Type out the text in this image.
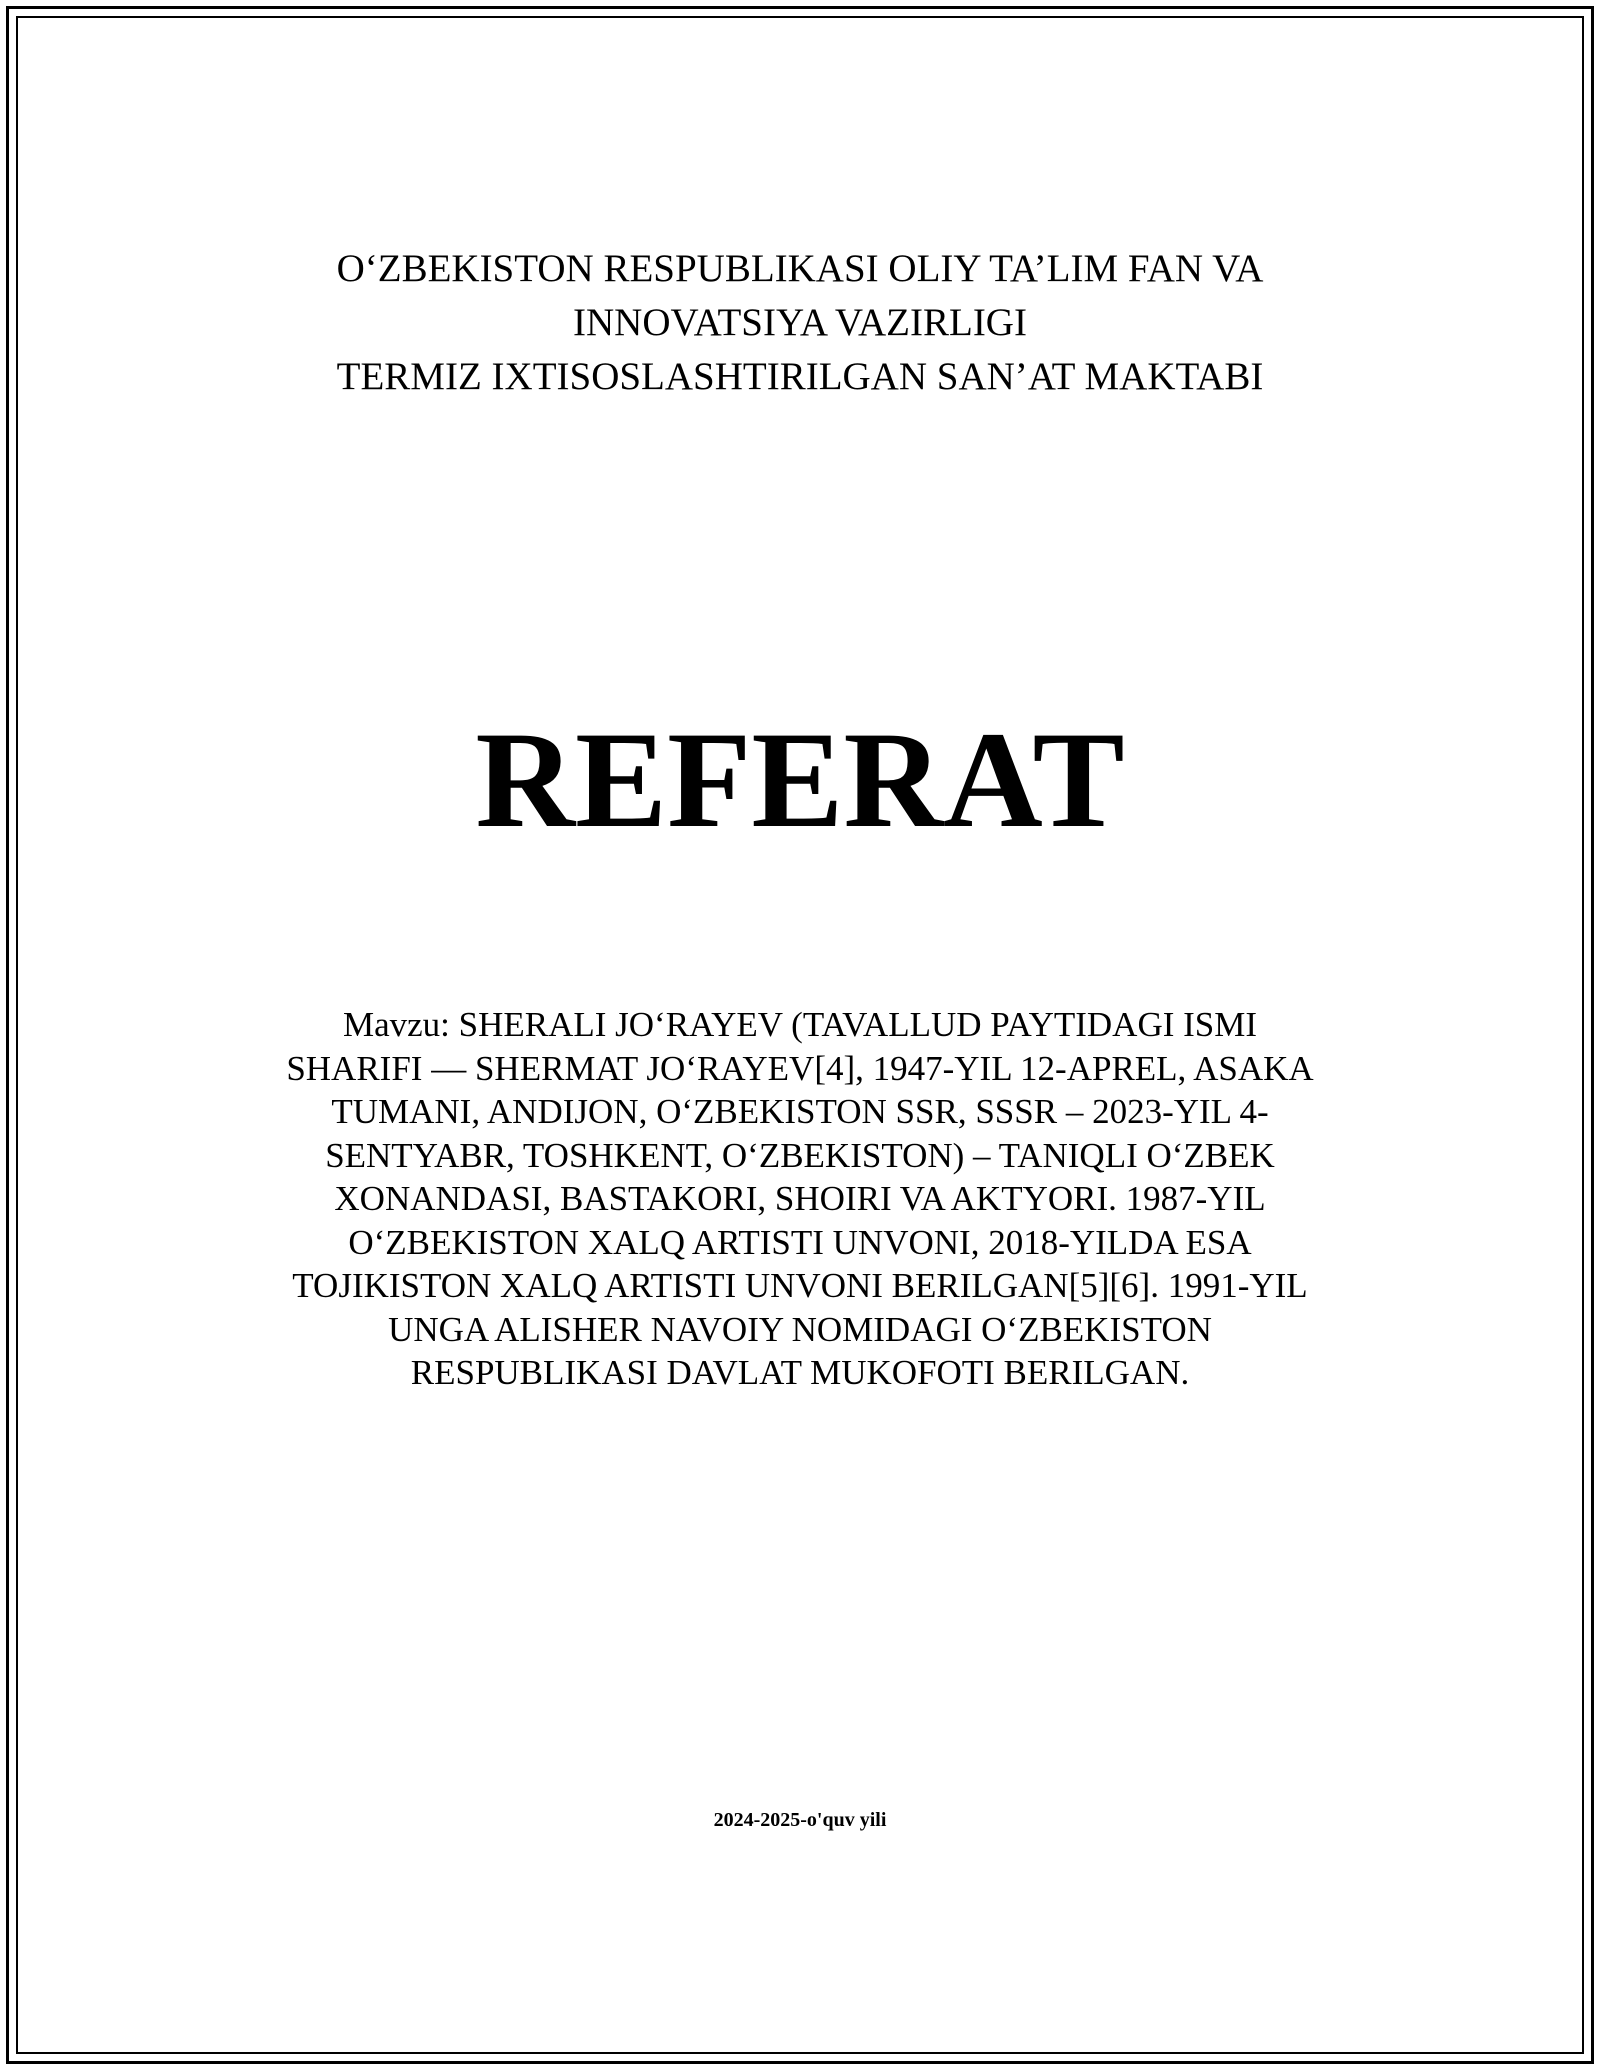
O‘ZBEKISTON RESPUBLIKASI OLIY TA’LIM FAN VA
INNOVATSIYA VAZIRLIGI
TERMIZ IXTISOSLASHTIRILGAN SAN’AT MAKTABI
REFERAT
Mavzu: SHERALI JO‘RAYEV (TAVALLUD PAYTIDAGI ISMI
SHARIFI — SHERMAT JO‘RAYEV[4], 1947-YIL 12-APREL, ASAKA
TUMANI, ANDIJON, O‘ZBEKISTON SSR, SSSR – 2023-YIL 4-
SENTYABR, TOSHKENT, O‘ZBEKISTON) – TANIQLI O‘ZBEK
XONANDASI, BASTAKORI, SHOIRI VA AKTYORI. 1987-YIL
O‘ZBEKISTON XALQ ARTISTI UNVONI, 2018-YILDA ESA
TOJIKISTON XALQ ARTISTI UNVONI BERILGAN[5][6]. 1991-YIL
UNGA ALISHER NAVOIY NOMIDAGI O‘ZBEKISTON
RESPUBLIKASI DAVLAT MUKOFOTI BERILGAN.
2024-2025-o'quv yili
